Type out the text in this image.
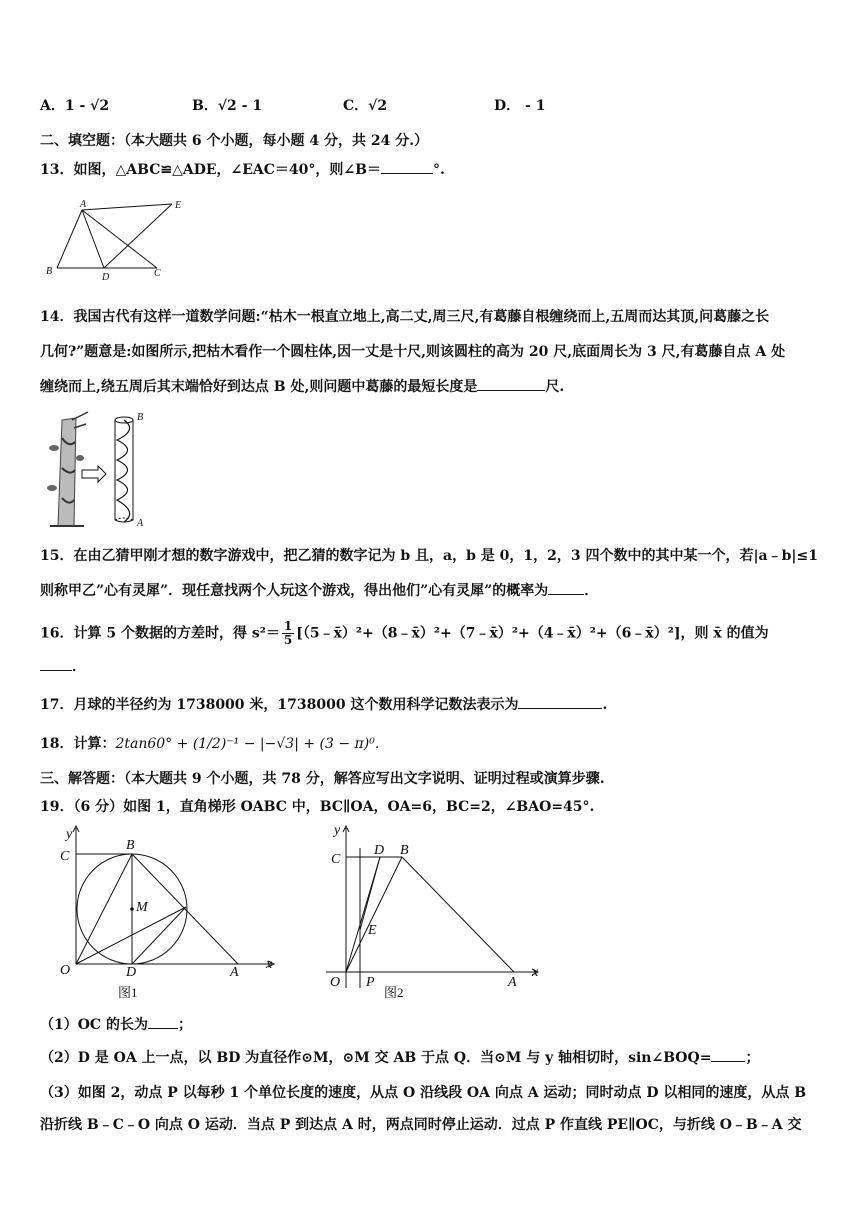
A．1 - √2	B．√2 - 1	C．√2	D． - 1
二、填空题：（本大题共 6 个小题，每小题 4 分，共 24 分.）
13．如图，△ABC≌△ADE，∠EAC＝40°，则∠B＝	°.
A	E
B
D	C
14．我国古代有这样一道数学问题:“枯木一根直立地上,高二丈,周三尺,有葛藤自根缠绕而上,五周而达其顶,问葛藤之长
几何?”题意是:如图所示,把枯木看作一个圆柱体,因一丈是十尺,则该圆柱的高为 20 尺,底面周长为 3 尺,有葛藤自点 A 处
缠绕而上,绕五周后其末端恰好到达点 B 处,则问题中葛藤的最短长度是	尺.
B
A
15．在由乙猜甲刚才想的数字游戏中，把乙猜的数字记为 b 且，a，b 是 0，1，2，3 四个数中的其中某一个，若|a﹣b|≤1
则称甲乙”心有灵犀”．现任意找两个人玩这个游戏，得出他们”心有灵犀”的概率为	．
16．计算 5 个数据的方差时，得 $s^2= \frac{1}{5}$ [（5﹣x̄）²+（8﹣x̄）²+（7﹣x̄）²+（4﹣x̄）²+（6﹣x̄）²]，则 x̄ 的值为
．
17．月球的半径约为 1738000 米，1738000 这个数用科学记数法表示为	.
18．计算：2tan60° + (1/2)⁻¹ − |−√3| + (3 − π)⁰.
三、解答题：（本大题共 9 个小题，共 78 分，解答应写出文字说明、证明过程或演算步骤.
19．（6 分）如图 1，直角梯形 OABC 中，BC∥OA，OA=6，BC=2，∠BAO=45°.
y
C
B
M
O	D	A
x
图1
y
C
D B
E
O P	A
x
图2
（1）OC 的长为 ；
（2）D 是 OA 上一点，以 BD 为直径作⊙M，⊙M 交 AB 于点 Q．当⊙M 与 y 轴相切时，sin∠BOQ= ；
（3）如图 2，动点 P 以每秒 1 个单位长度的速度，从点 O 沿线段 OA 向点 A 运动；同时动点 D 以相同的速度，从点 B
沿折线 B﹣C﹣O 向点 O 运动．当点 P 到达点 A 时，两点同时停止运动．过点 P 作直线 PE∥OC，与折线 O﹣B﹣A 交
